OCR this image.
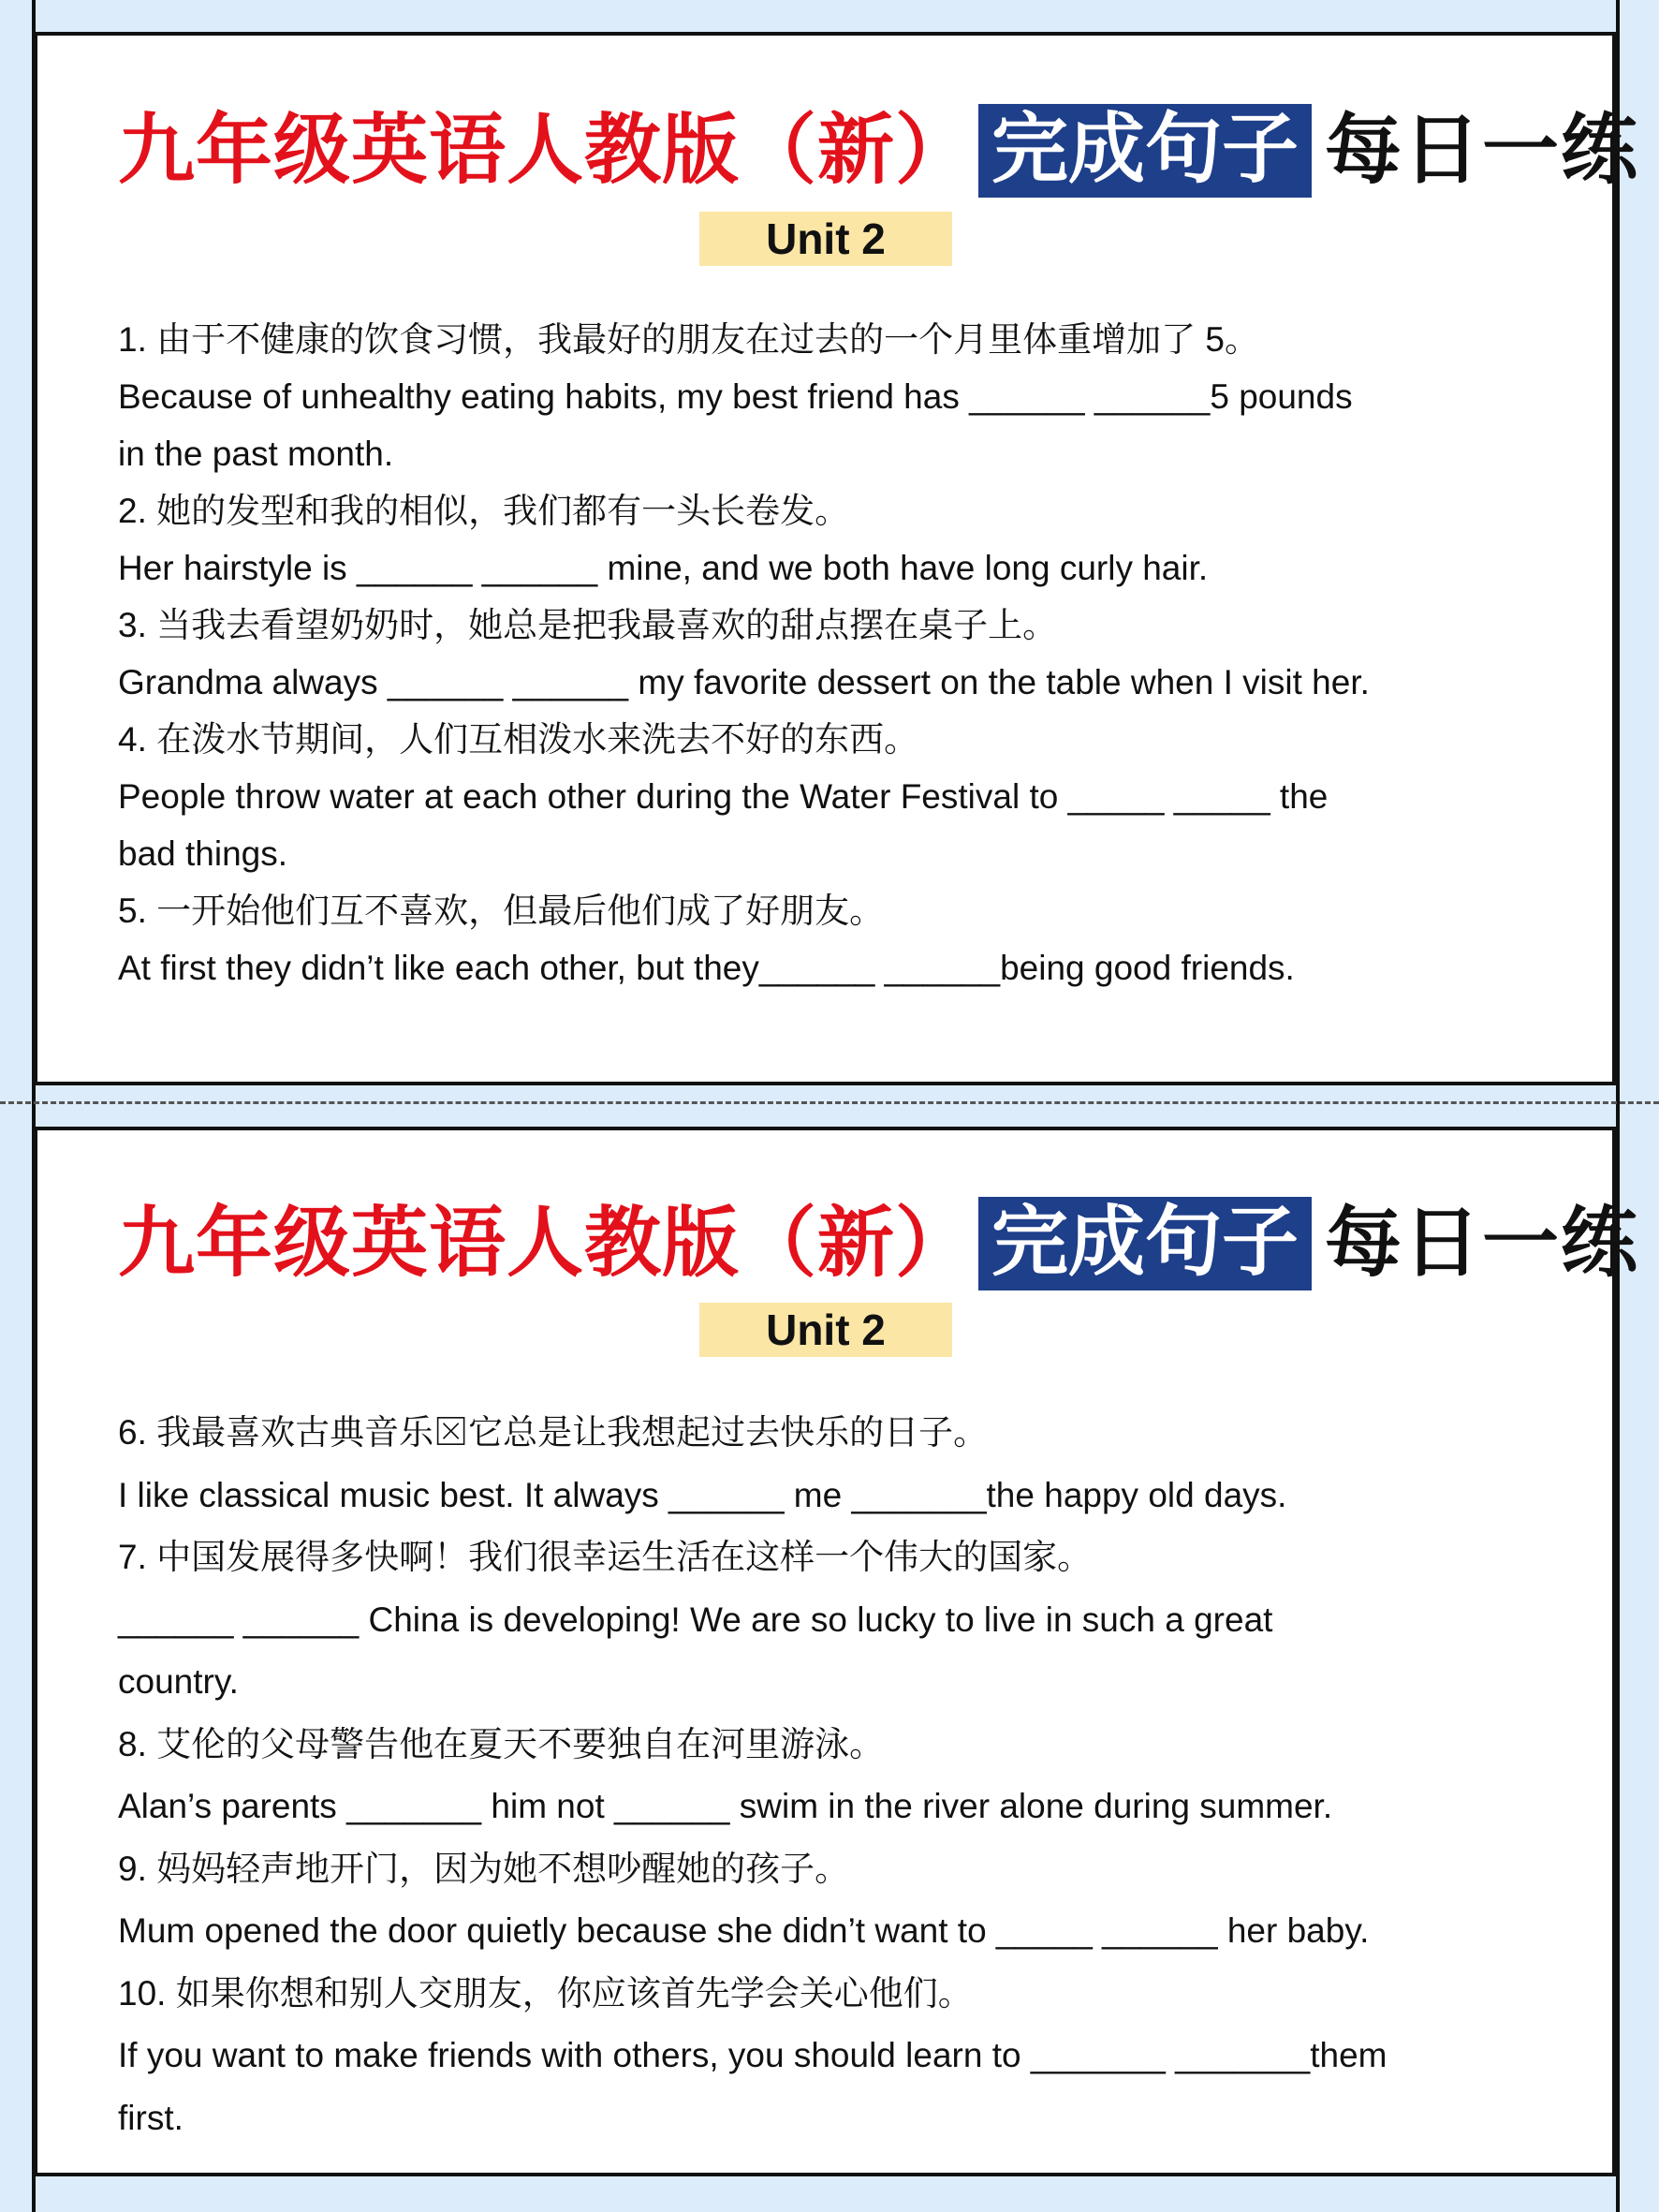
九年级英语人教版（新） 完成句子 每日一练
Unit 2
1. 由于不健康的饮食习惯，我最好的朋友在过去的一个月里体重增加了 5。
Because of unhealthy eating habits, my best friend has ______ ______5 pounds
in the past month.
2. 她的发型和我的相似，我们都有一头长卷发。
Her hairstyle is ______ ______ mine, and we both have long curly hair.
3. 当我去看望奶奶时，她总是把我最喜欢的甜点摆在桌子上。
Grandma always ______ ______ my favorite dessert on the table when I visit her.
4. 在泼水节期间，人们互相泼水来洗去不好的东西。
People throw water at each other during the Water Festival to _____ _____ the
bad things.
5. 一开始他们互不喜欢，但最后他们成了好朋友。
At first they didn’t like each other, but they______ ______being good friends.
九年级英语人教版（新） 完成句子 每日一练
Unit 2
6. 我最喜欢古典音乐⊠它总是让我想起过去快乐的日子。
I like classical music best. It always ______ me _______the happy old days.
7. 中国发展得多快啊！我们很幸运生活在这样一个伟大的国家。
______ ______ China is developing! We are so lucky to live in such a great
country.
8. 艾伦的父母警告他在夏天不要独自在河里游泳。
Alan’s parents _______ him not ______ swim in the river alone during summer.
9. 妈妈轻声地开门，因为她不想吵醒她的孩子。
Mum opened the door quietly because she didn’t want to _____ ______ her baby.
10. 如果你想和别人交朋友，你应该首先学会关心他们。
If you want to make friends with others, you should learn to _______ _______them
first.
